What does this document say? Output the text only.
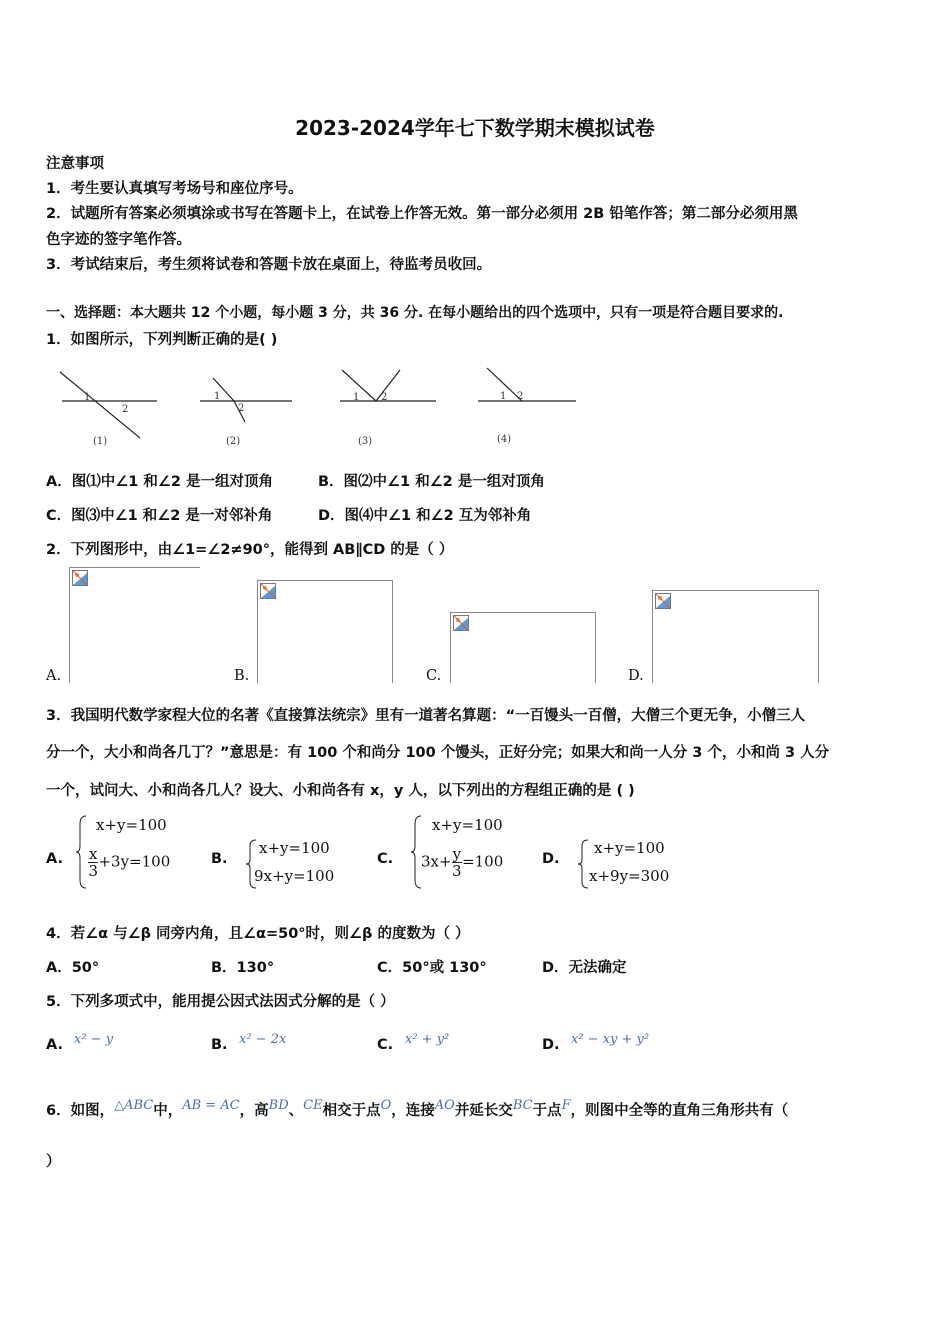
2023-2024学年七下数学期末模拟试卷
注意事项
1．考生要认真填写考场号和座位序号。
2．试题所有答案必须填涂或书写在答题卡上，在试卷上作答无效。第一部分必须用 2B 铅笔作答；第二部分必须用黑
色字迹的签字笔作答。
3．考试结束后，考生须将试卷和答题卡放在桌面上，待监考员收回。
一、选择题：本大题共 12 个小题，每小题 3 分，共 36 分. 在每小题给出的四个选项中，只有一项是符合题目要求的.
1．如图所示，下列判断正确的是( )
1
2
1
2
1 2	1 2
(1)	(2)	(3)	(4)
A．图⑴中∠1 和∠2 是一组对顶角	B．图⑵中∠1 和∠2 是一组对顶角
C．图⑶中∠1 和∠2 是一对邻补角	D．图⑷中∠1 和∠2 互为邻补角
2．下列图形中，由∠1=∠2≠90°，能得到 AB∥CD 的是（ ）
A.	B.	C.	D.
3．我国明代数学家程大位的名著《直接算法统宗》里有一道著名算题：“一百馒头一百僧，大僧三个更无争，小僧三人
分一个，大小和尚各几丁？”意思是：有 100 个和尚分 100 个馒头，正好分完；如果大和尚一人分 3 个，小和尚 3 人分
一个，试问大、小和尚各几人？设大、小和尚各有 x，y 人，以下列出的方程组正确的是 ( )
A.
x+y=100
$\frac{x}{3} +3y=100$	B.
x+y=100
9x+y=100
C.
x+y=100
$3x+ \frac{y}{3} =100$	D.
x+y=100
x+9y=300
4．若∠α 与∠β 同旁内角，且∠α=50°时，则∠β 的度数为（ ）
A．50°	B．130°	C．50°或 130°	D．无法确定
5．下列多项式中，能用提公因式法因式分解的是（ ）
A. x² − y	B. x² − 2x	C. x² + y²	D. x² − xy + y²
6．如图，△ABC中，AB = AC，高BD、CE相交于点O，连接AO并延长交BC于点F，则图中全等的直角三角形共有（
）
